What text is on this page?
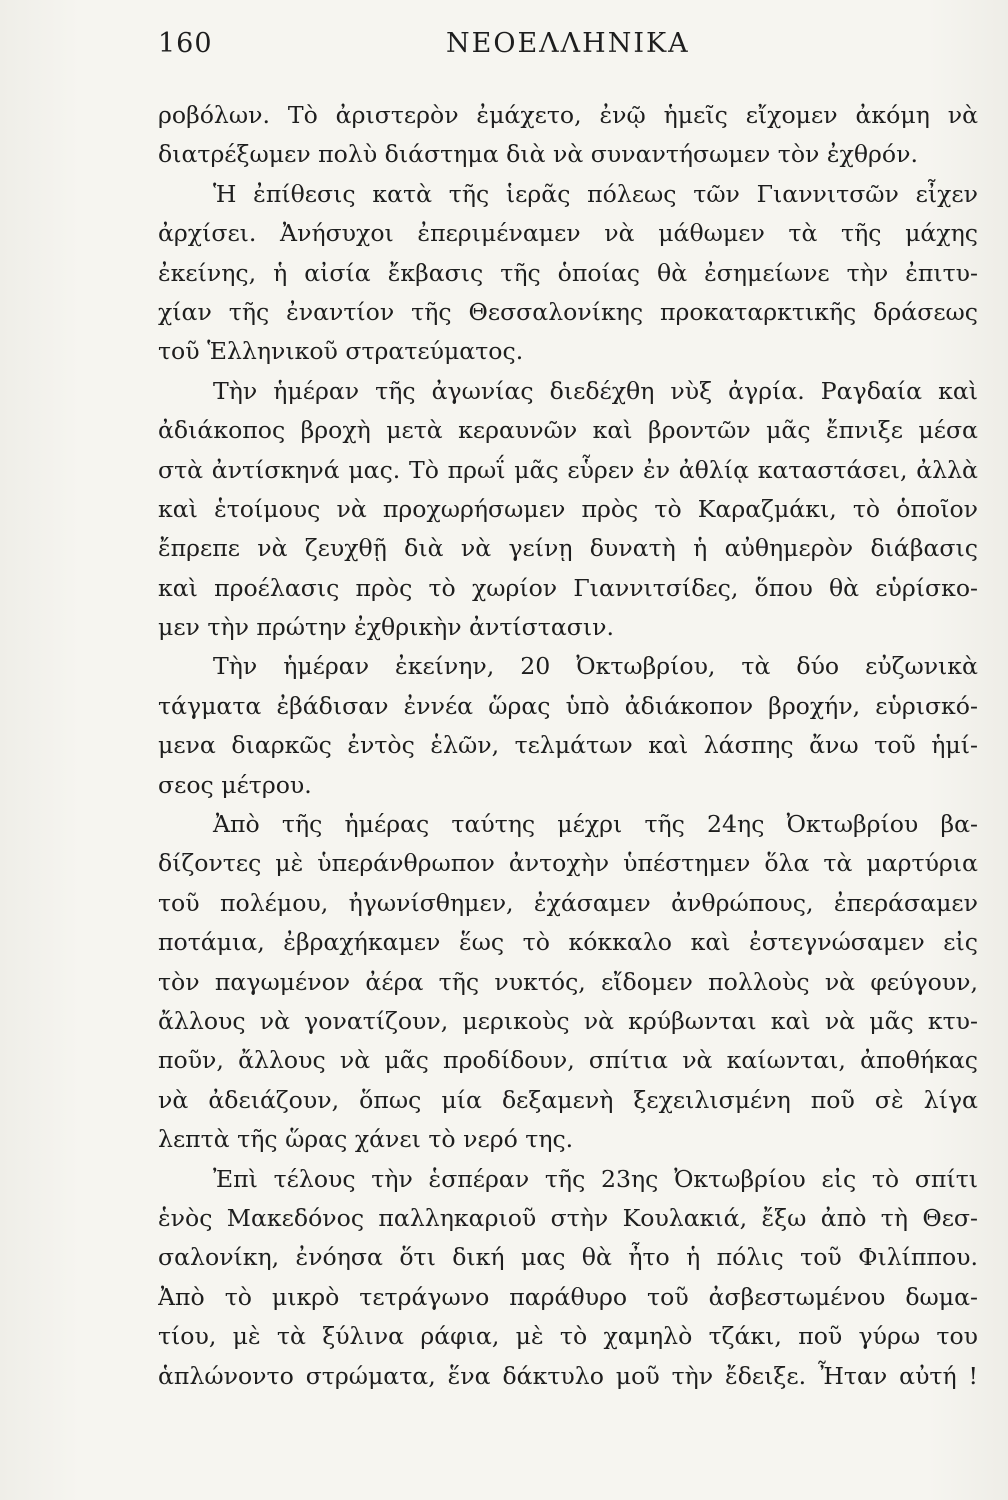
160	ΝΕΟΕΛΛΗΝΙΚΑ
ροβόλων. Τὸ ἀριστερὸν ἐμάχετο, ἐνῷ ἡμεῖς εἴχομεν ἀκόμη νὰ
διατρέξωμεν πολὺ διάστημα διὰ νὰ συναντήσωμεν τὸν ἐχθρόν.
Ἡ ἐπίθεσις κατὰ τῆς ἱερᾶς πόλεως τῶν Γιαννιτσῶν εἶχεν
ἀρχίσει. Ἀνήσυχοι ἐπεριμέναμεν νὰ μάθωμεν τὰ τῆς μάχης
ἐκείνης, ἡ αἰσία ἔκβασις τῆς ὁποίας θὰ ἐσημείωνε τὴν ἐπιτυ-
χίαν τῆς ἐναντίον τῆς Θεσσαλονίκης προκαταρκτικῆς δράσεως
τοῦ Ἑλληνικοῦ στρατεύματος.
Τὴν ἡμέραν τῆς ἀγωνίας διεδέχθη νὺξ ἀγρία. Ραγδαία καὶ
ἀδιάκοπος βροχὴ μετὰ κεραυνῶν καὶ βροντῶν μᾶς ἔπνιξε μέσα
στὰ ἀντίσκηνά μας. Τὸ πρωΐ μᾶς εὗρεν ἐν ἀθλίᾳ καταστάσει, ἀλλὰ
καὶ ἑτοίμους νὰ προχωρήσωμεν πρὸς τὸ Καραζμάκι, τὸ ὁποῖον
ἔπρεπε νὰ ζευχθῇ διὰ νὰ γείνῃ δυνατὴ ἡ αὐθημερὸν διάβασις
καὶ προέλασις πρὸς τὸ χωρίον Γιαννιτσίδες, ὅπου θὰ εὑρίσκο-
μεν τὴν πρώτην ἐχθρικὴν ἀντίστασιν.
Τὴν ἡμέραν ἐκείνην, 20 Ὀκτωβρίου, τὰ δύο εὐζωνικὰ
τάγματα ἐβάδισαν ἐννέα ὥρας ὑπὸ ἀδιάκοπον βροχήν, εὑρισκό-
μενα διαρκῶς ἐντὸς ἑλῶν, τελμάτων καὶ λάσπης ἄνω τοῦ ἡμί-
σεος μέτρου.
Ἀπὸ τῆς ἡμέρας ταύτης μέχρι τῆς 24ης Ὀκτωβρίου βα-
δίζοντες μὲ ὑπεράνθρωπον ἀντοχὴν ὑπέστημεν ὅλα τὰ μαρτύρια
τοῦ πολέμου, ἠγωνίσθημεν, ἐχάσαμεν ἀνθρώπους, ἐπεράσαμεν
ποτάμια, ἐβραχήκαμεν ἕως τὸ κόκκαλο καὶ ἐστεγνώσαμεν εἰς
τὸν παγωμένον ἀέρα τῆς νυκτός, εἴδομεν πολλοὺς νὰ φεύγουν,
ἄλλους νὰ γονατίζουν, μερικοὺς νὰ κρύβωνται καὶ νὰ μᾶς κτυ-
ποῦν, ἄλλους νὰ μᾶς προδίδουν, σπίτια νὰ καίωνται, ἀποθήκας
νὰ ἀδειάζουν, ὅπως μία δεξαμενὴ ξεχειλισμένη ποῦ σὲ λίγα
λεπτὰ τῆς ὥρας χάνει τὸ νερό της.
Ἐπὶ τέλους τὴν ἑσπέραν τῆς 23ης Ὀκτωβρίου εἰς τὸ σπίτι
ἑνὸς Μακεδόνος παλληκαριοῦ στὴν Κουλακιά, ἔξω ἀπὸ τὴ Θεσ-
σαλονίκη, ἐνόησα ὅτι δική μας θὰ ἦτο ἡ πόλις τοῦ Φιλίππου.
Ἀπὸ τὸ μικρὸ τετράγωνο παράθυρο τοῦ ἀσβεστωμένου δωμα-
τίου, μὲ τὰ ξύλινα ράφια, μὲ τὸ χαμηλὸ τζάκι, ποῦ γύρω του
ἁπλώνοντο στρώματα, ἕνα δάκτυλο μοῦ τὴν ἔδειξε. Ἦταν αὐτή !
